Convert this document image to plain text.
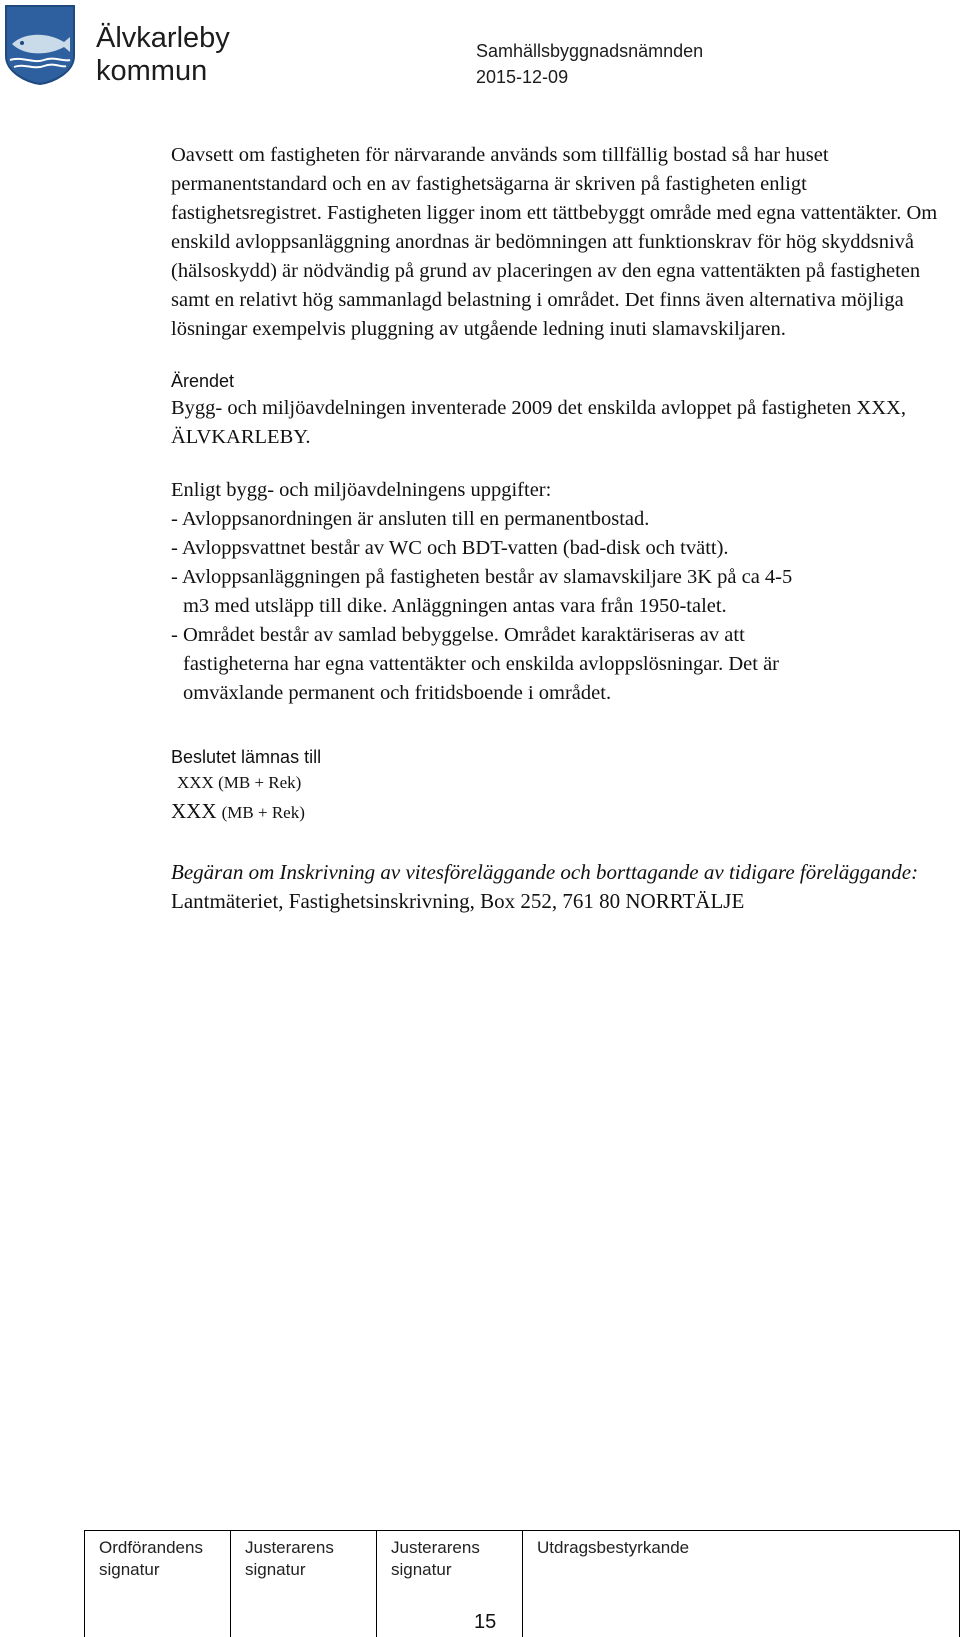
Älvkarleby
kommun
Samhällsbyggnadsnämnden
2015-12-09

Oavsett om fastigheten för närvarande används som tillfällig bostad så har huset permanentstandard och en av fastighetsägarna är skriven på fastigheten enligt fastighetsregistret. Fastigheten ligger inom ett tättbebyggt område med egna vattentäkter. Om enskild avloppsanläggning anordnas är bedömningen att funktionskrav för hög skyddsnivå (hälsoskydd) är nödvändig på grund av placeringen av den egna vattentäkten på fastigheten samt en relativt hög sammanlagd belastning i området. Det finns även alternativa möjliga lösningar exempelvis pluggning av utgående ledning inuti slamavskiljaren.

Ärendet

Bygg- och miljöavdelningen inventerade 2009 det enskilda avloppet på fastigheten XXX, ÄLVKARLEBY.

Enligt bygg- och miljöavdelningens uppgifter:

- Avloppsanordningen är ansluten till en permanentbostad.

- Avloppsvattnet består av WC och BDT-vatten (bad-disk och tvätt).

- Avloppsanläggningen på fastigheten består av slamavskiljare 3K på ca 4-5

m3 med utsläpp till dike. Anläggningen antas vara från 1950-talet.

- Området består av samlad bebyggelse. Området karaktäriseras av att

fastigheterna har egna vattentäkter och enskilda avloppslösningar. Det är

omväxlande permanent och fritidsboende i området.

Beslutet lämnas till

XXX (MB + Rek)

XXX (MB + Rek)

Begäran om Inskrivning av vitesföreläggande och borttagande av tidigare föreläggande:

Lantmäteriet, Fastighetsinskrivning, Box 252, 761 80 NORRTÄLJE

Ordförandens
signatur
Justerarens
signatur
Justerarens
signatur
Utdragsbestyrkande
15
